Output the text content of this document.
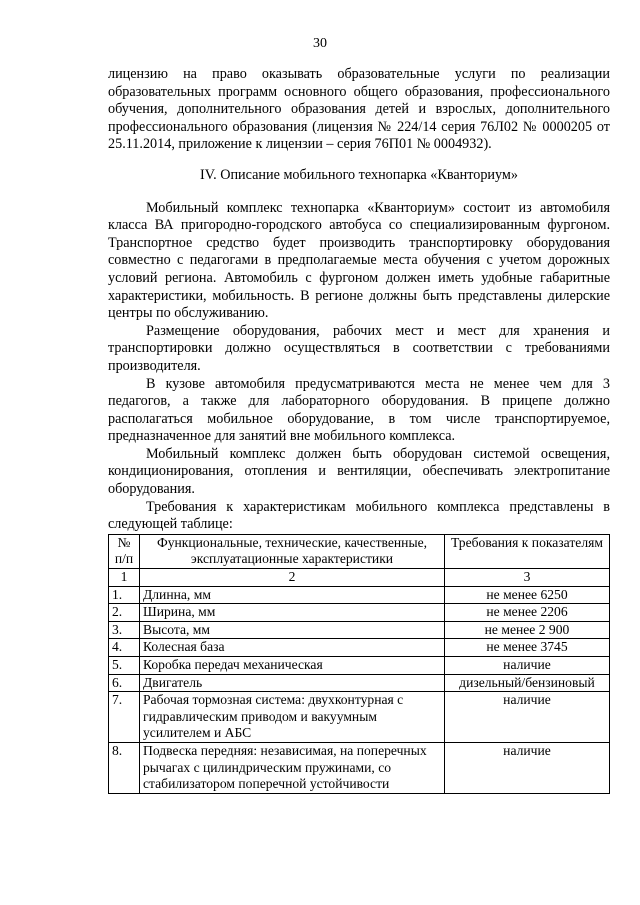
30

лицензию на право оказывать образовательные услуги по реализации образовательных программ основного общего образования, профессионального обучения, дополнительного образования детей и взрослых, дополнительного профессионального образования (лицензия № 224/14 серия 76Л02 № 0000205 от 25.11.2014, приложение к лицензии – серия 76П01 № 0004932).

IV. Описание мобильного технопарка «Кванториум»

Мобильный комплекс технопарка «Кванториум» состоит из автомобиля класса ВА пригородно-городского автобуса со специализированным фургоном. Транспортное средство будет производить транспортировку оборудования совместно с педагогами в предполагаемые места обучения с учетом дорожных условий региона. Автомобиль с фургоном должен иметь удобные габаритные характеристики, мобильность. В регионе должны быть представлены дилерские центры по обслуживанию.

Размещение оборудования, рабочих мест и мест для хранения и транспортировки должно осуществляться в соответствии с требованиями производителя.

В кузове автомобиля предусматриваются места не менее чем для 3 педагогов, а также для лабораторного оборудования. В прицепе должно располагаться мобильное оборудование, в том числе транспортируемое, предназначенное для занятий вне мобильного комплекса.

Мобильный комплекс должен быть оборудован системой освещения, кондиционирования, отопления и вентиляции, обеспечивать электропитание оборудования.

Требования к характеристикам мобильного комплекса представлены в следующей таблице:

№ п/п	Функциональные, технические, качественные, эксплуатационные характеристики	Требования к показателям
1	2	3
1.	Длинна, мм	не менее 6250
2.	Ширина, мм	не менее 2206
3.	Высота, мм	не менее 2 900
4.	Колесная база	не менее 3745
5.	Коробка передач механическая	наличие
6.	Двигатель	дизельный/бензиновый
7.	Рабочая тормозная система: двухконтурная с гидравлическим приводом и вакуумным усилителем и АБС	наличие
8.	Подвеска передняя: независимая, на поперечных рычагах с цилиндрическим пружинами, со стабилизатором поперечной устойчивости	наличие
